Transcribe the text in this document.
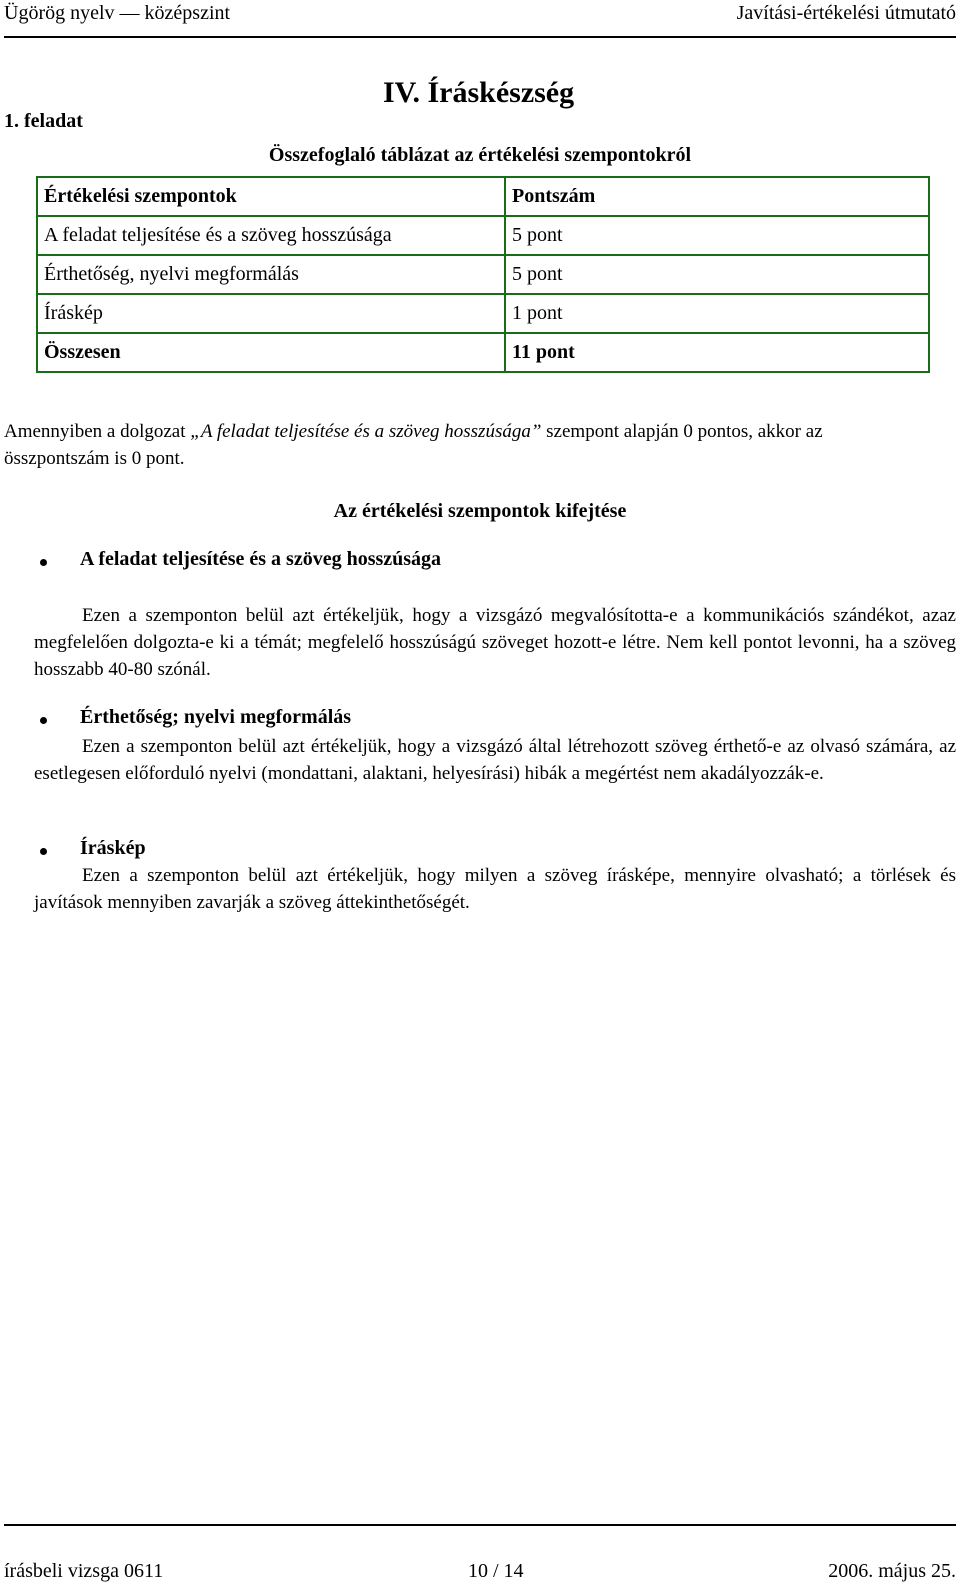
Ügörög nyelv — középszint	Javítási-értékelési útmutató
IV. Íráskészség
1. feladat
Összefoglaló táblázat az értékelési szempontokról
Értékelési szempontok	Pontszám
A feladat teljesítése és a szöveg hosszúsága	5 pont
Érthetőség, nyelvi megformálás	5 pont
Íráskép	1 pont
Összesen	11 pont
Amennyiben a dolgozat „A feladat teljesítése és a szöveg hosszúsága” szempont alapján 0 pontos, akkor az összpontszám is 0 pont.
Az értékelési szempontok kifejtése
A feladat teljesítése és a szöveg hosszúsága
Ezen a szemponton belül azt értékeljük, hogy a vizsgázó megvalósította-e a kommunikációs szándékot, azaz megfelelően dolgozta-e ki a témát; megfelelő hosszúságú szöveget hozott-e létre. Nem kell pontot levonni, ha a szöveg hosszabb 40-80 szónál.
Érthetőség; nyelvi megformálás
Ezen a szemponton belül azt értékeljük, hogy a vizsgázó által létrehozott szöveg érthető-e az olvasó számára, az esetlegesen előforduló nyelvi (mondattani, alaktani, helyesírási) hibák a megértést nem akadályozzák-e.
Íráskép
Ezen a szemponton belül azt értékeljük, hogy milyen a szöveg írásképe, mennyire olvasható; a törlések és javítások mennyiben zavarják a szöveg áttekinthetőségét.
írásbeli vizsga 0611	10 / 14	2006. május 25.
